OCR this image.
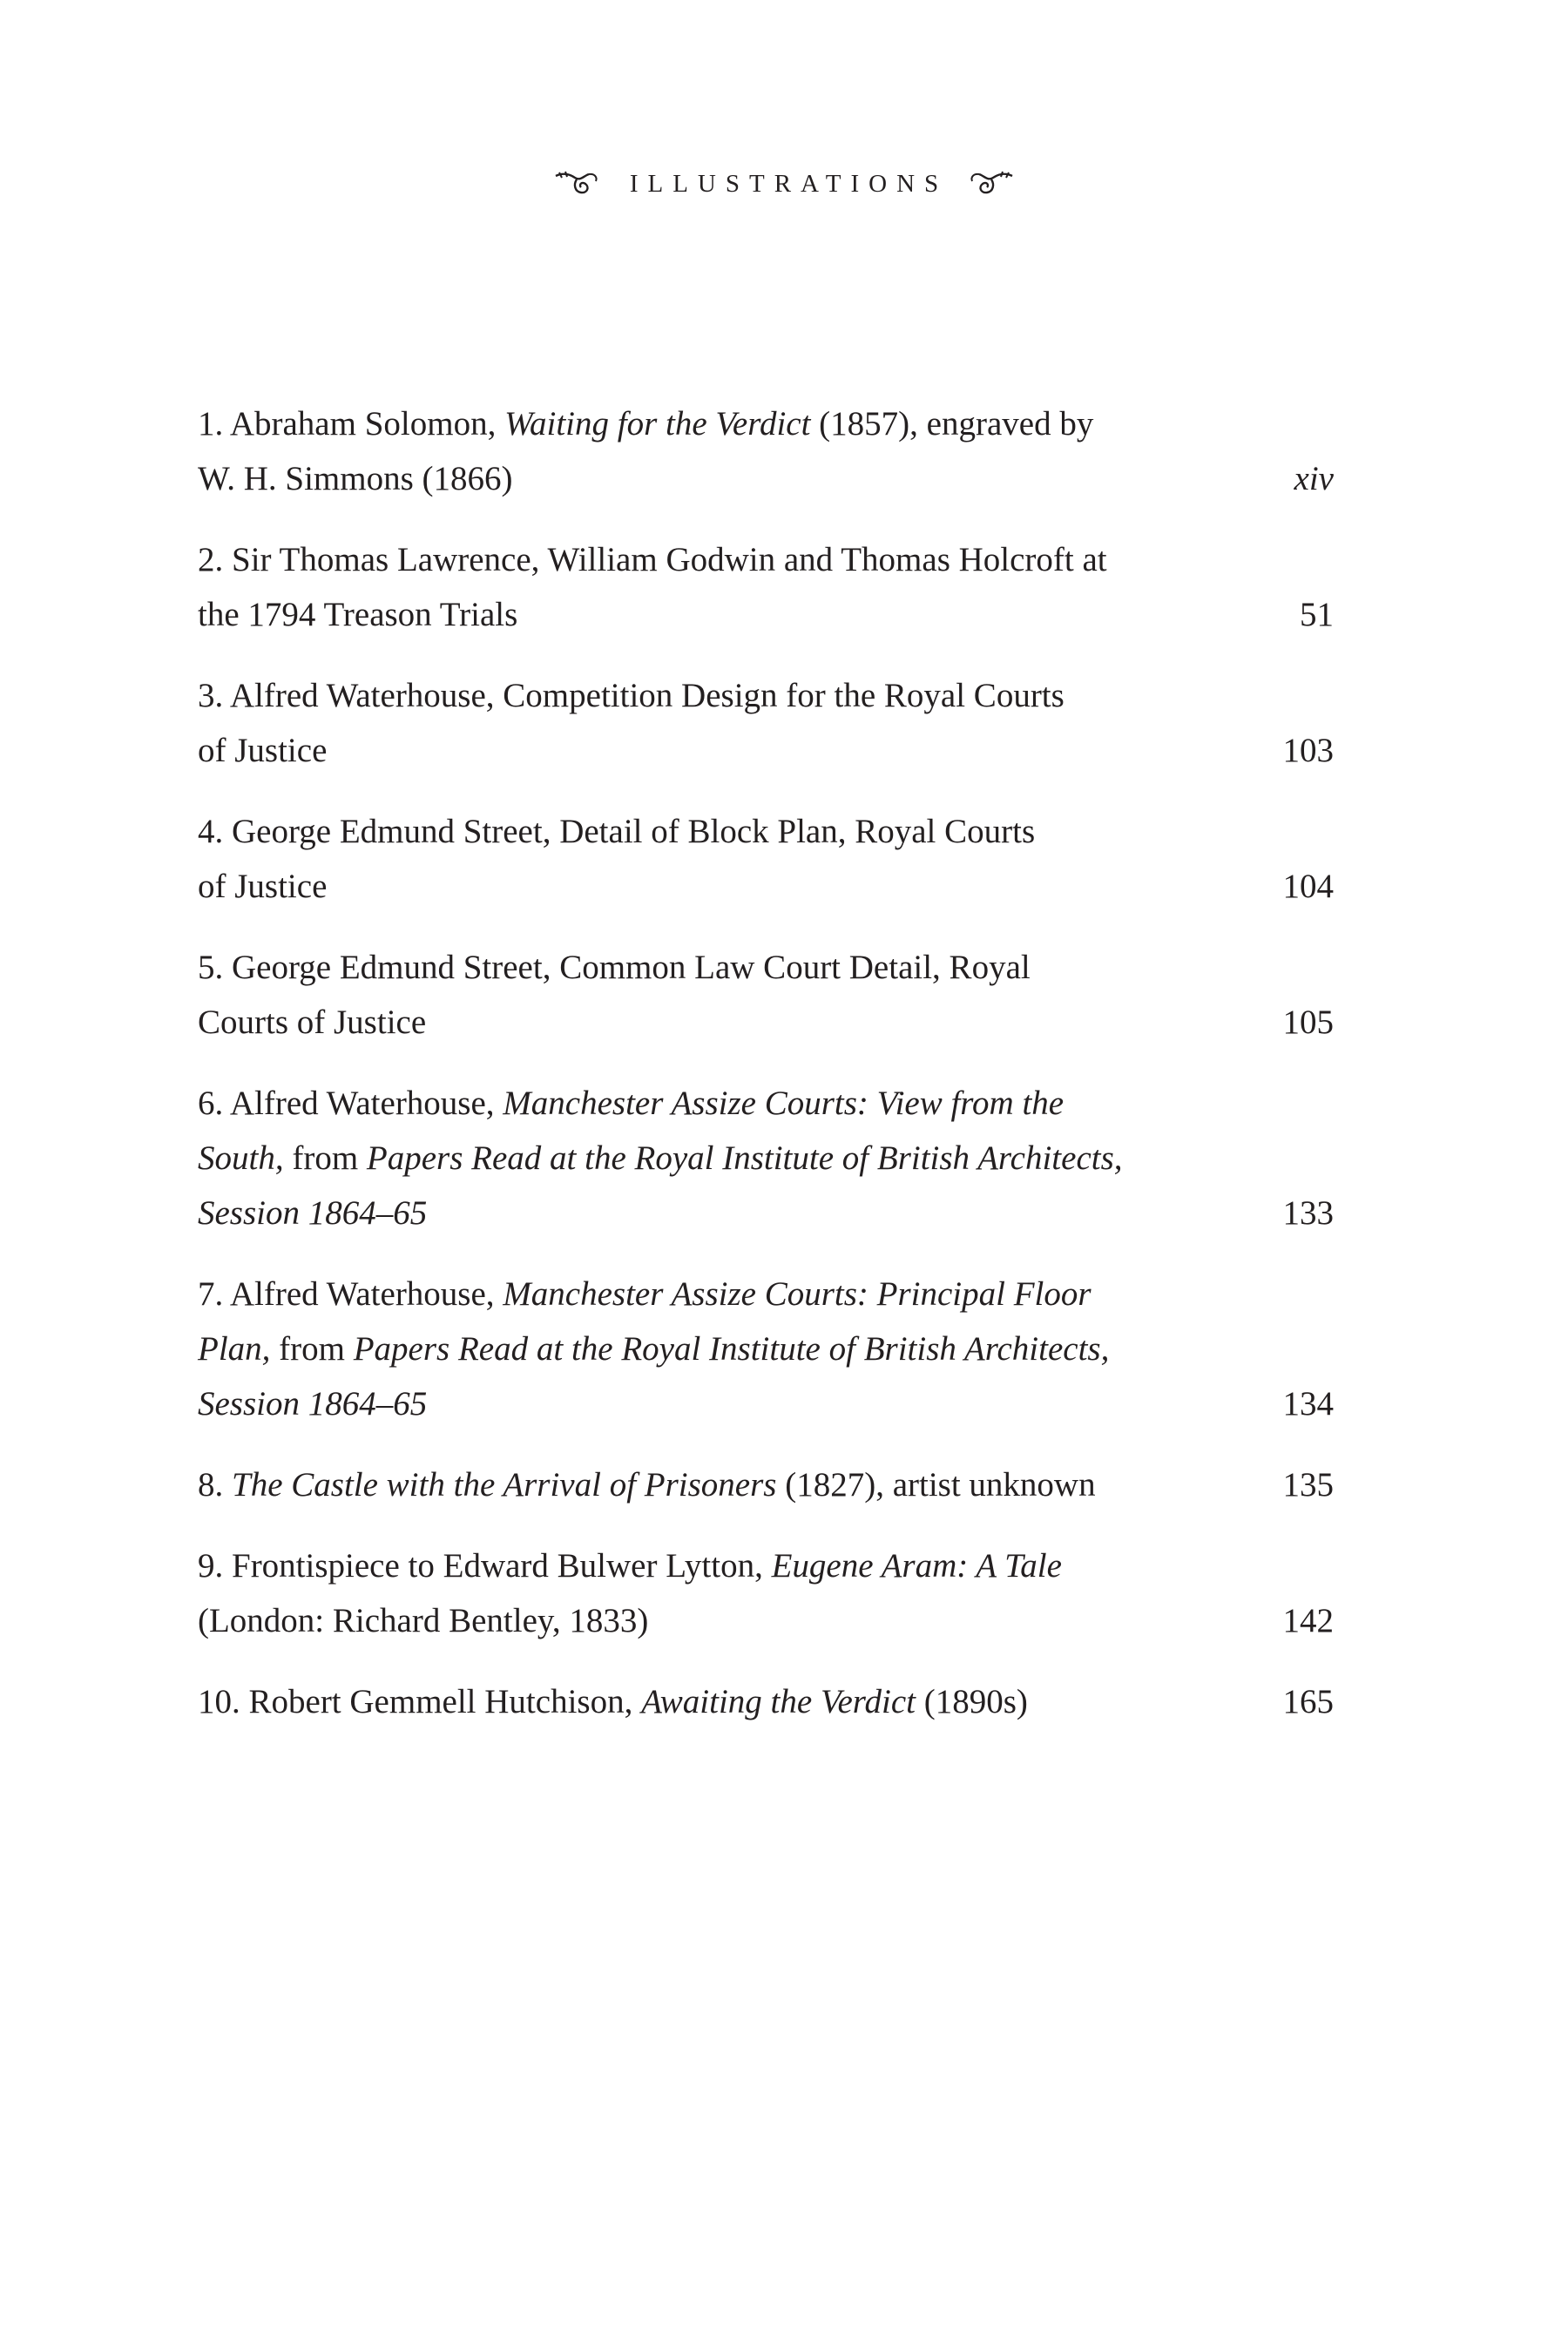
ILLUSTRATIONS
1. Abraham Solomon, Waiting for the Verdict (1857), engraved by
W. H. Simmons (1866)	xiv
2. Sir Thomas Lawrence, William Godwin and Thomas Holcroft at
the 1794 Treason Trials	51
3. Alfred Waterhouse, Competition Design for the Royal Courts
of Justice	103
4. George Edmund Street, Detail of Block Plan, Royal Courts
of Justice	104
5. George Edmund Street, Common Law Court Detail, Royal
Courts of Justice	105
6. Alfred Waterhouse, Manchester Assize Courts: View from the
South, from Papers Read at the Royal Institute of British Architects,
Session 1864–65	133
7. Alfred Waterhouse, Manchester Assize Courts: Principal Floor
Plan, from Papers Read at the Royal Institute of British Architects,
Session 1864–65	134
8. The Castle with the Arrival of Prisoners (1827), artist unknown	135
9. Frontispiece to Edward Bulwer Lytton, Eugene Aram: A Tale
(London: Richard Bentley, 1833)	142
10. Robert Gemmell Hutchison, Awaiting the Verdict (1890s)	165
